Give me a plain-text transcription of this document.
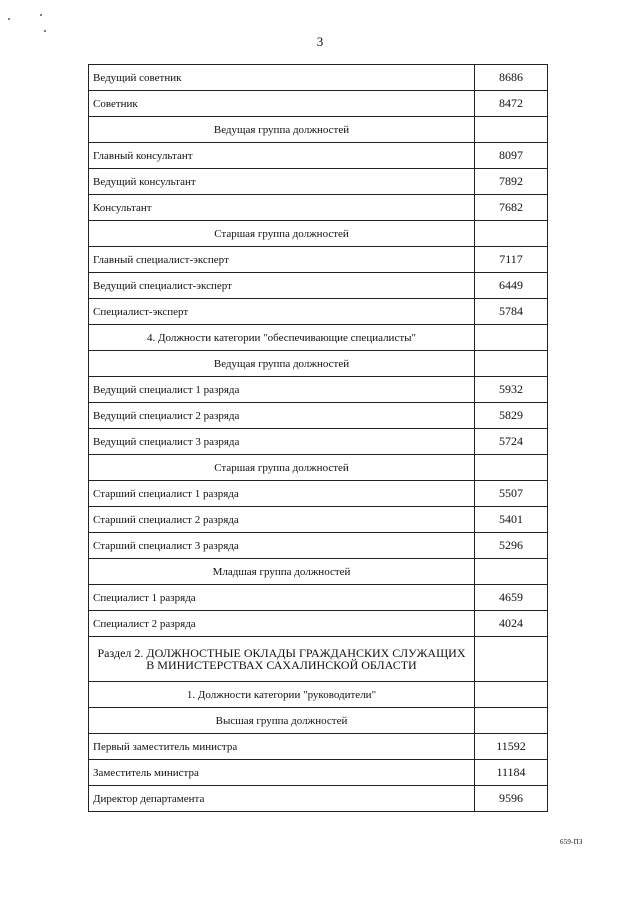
3
Ведущий советник	8686
Советник	8472
Ведущая группа должностей	
Главный консультант	8097
Ведущий консультант	7892
Консультант	7682
Старшая группа должностей	
Главный специалист-эксперт	7117
Ведущий специалист-эксперт	6449
Специалист-эксперт	5784
4. Должности категории "обеспечивающие специалисты"	
Ведущая группа должностей	
Ведущий специалист 1 разряда	5932
Ведущий специалист 2 разряда	5829
Ведущий специалист 3 разряда	5724
Старшая группа должностей	
Старший специалист 1 разряда	5507
Старший специалист 2 разряда	5401
Старший специалист 3 разряда	5296
Младшая группа должностей	
Специалист 1 разряда	4659
Специалист 2 разряда	4024
Раздел 2. ДОЛЖНОСТНЫЕ ОКЛАДЫ ГРАЖДАНСКИХ СЛУЖАЩИХ В МИНИСТЕРСТВАХ САХАЛИНСКОЙ ОБЛАСТИ	
1. Должности категории "руководители"	
Высшая группа должностей	
Первый заместитель министра	11592
Заместитель министра	11184
Директор департамента	9596
659-ПЗ
